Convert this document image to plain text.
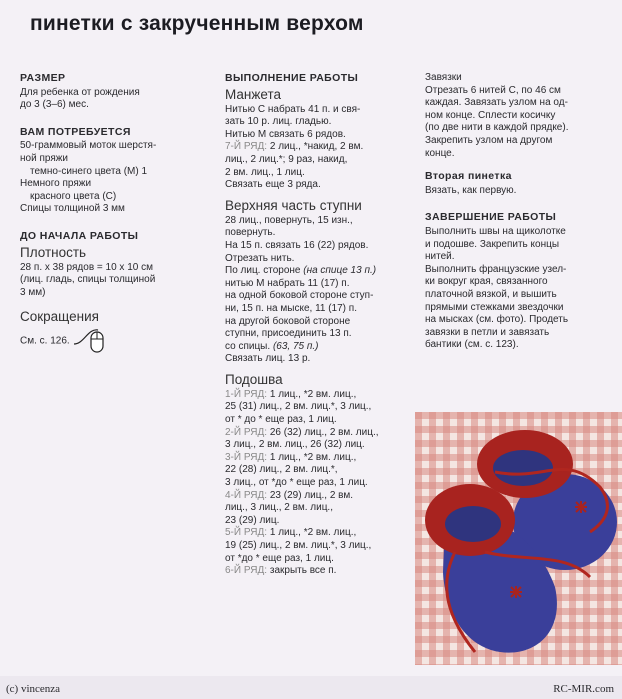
пинетки с закрученным верхом
РАЗМЕР
Для ребенка от рождения
до 3 (3–6) мес.
ВАМ ПОТРЕБУЕТСЯ
50-граммовый моток шерстя-
ной пряжи
темно-синего цвета (М) 1
Немного пряжи
красного цвета (С)
Спицы толщиной 3 мм
ДО НАЧАЛА РАБОТЫ
Плотность
28 п. x 38 рядов = 10 x 10 см
(лиц. гладь, спицы толщиной
3 мм)
Сокращения
См. с. 126.
ВЫПОЛНЕНИЕ РАБОТЫ
Манжета
Нитью С набрать 41 п. и свя-
зать 10 р. лиц. гладью.
Нитью М связать 6 рядов.
7-Й РЯД: 2 лиц., *накид, 2 вм.
лиц., 2 лиц.*; 9 раз, накид,
2 вм. лиц., 1 лиц.
Связать еще 3 ряда.
Верхняя часть ступни
28 лиц., повернуть, 15 изн.,
повернуть.
На 15 п. связать 16 (22) рядов.
Отрезать нить.
По лиц. стороне (на спице 13 п.)
нитью М набрать 11 (17) п.
на одной боковой стороне ступ-
ни, 15 п. на мыске, 11 (17) п.
на другой боковой стороне
ступни, присоединить 13 п.
со спицы. (63, 75 п.)
Связать лиц. 13 р.
Подошва
1-Й РЯД: 1 лиц., *2 вм. лиц.,
25 (31) лиц., 2 вм. лиц.*, 3 лиц.,
от * до * еще раз, 1 лиц.
2-Й РЯД: 26 (32) лиц., 2 вм. лиц.,
3 лиц., 2 вм. лиц., 26 (32) лиц.
3-Й РЯД: 1 лиц., *2 вм. лиц.,
22 (28) лиц., 2 вм. лиц.*,
3 лиц., от *до * еще раз, 1 лиц.
4-Й РЯД: 23 (29) лиц., 2 вм.
лиц., 3 лиц., 2 вм. лиц.,
23 (29) лиц.
5-Й РЯД: 1 лиц., *2 вм. лиц.,
19 (25) лиц., 2 вм. лиц.*, 3 лиц.,
от *до * еще раз, 1 лиц.
6-Й РЯД: закрыть все п.
Завязки
Отрезать 6 нитей С, по 46 см
каждая. Завязать узлом на од-
ном конце. Сплести косичку
(по две нити в каждой прядке).
Закрепить узлом на другом
конце.
Вторая пинетка
Вязать, как первую.
ЗАВЕРШЕНИЕ РАБОТЫ
Выполнить швы на щиколотке
и подошве. Закрепить концы
нитей.
Выполнить французские узел-
ки вокруг края, связанного
платочной вязкой, и вышить
прямыми стежками звездочки
на мысках (см. фото). Продеть
завязки в петли и завязать
бантики (см. с. 123).
(c) vincenza	RC-MIR.com
